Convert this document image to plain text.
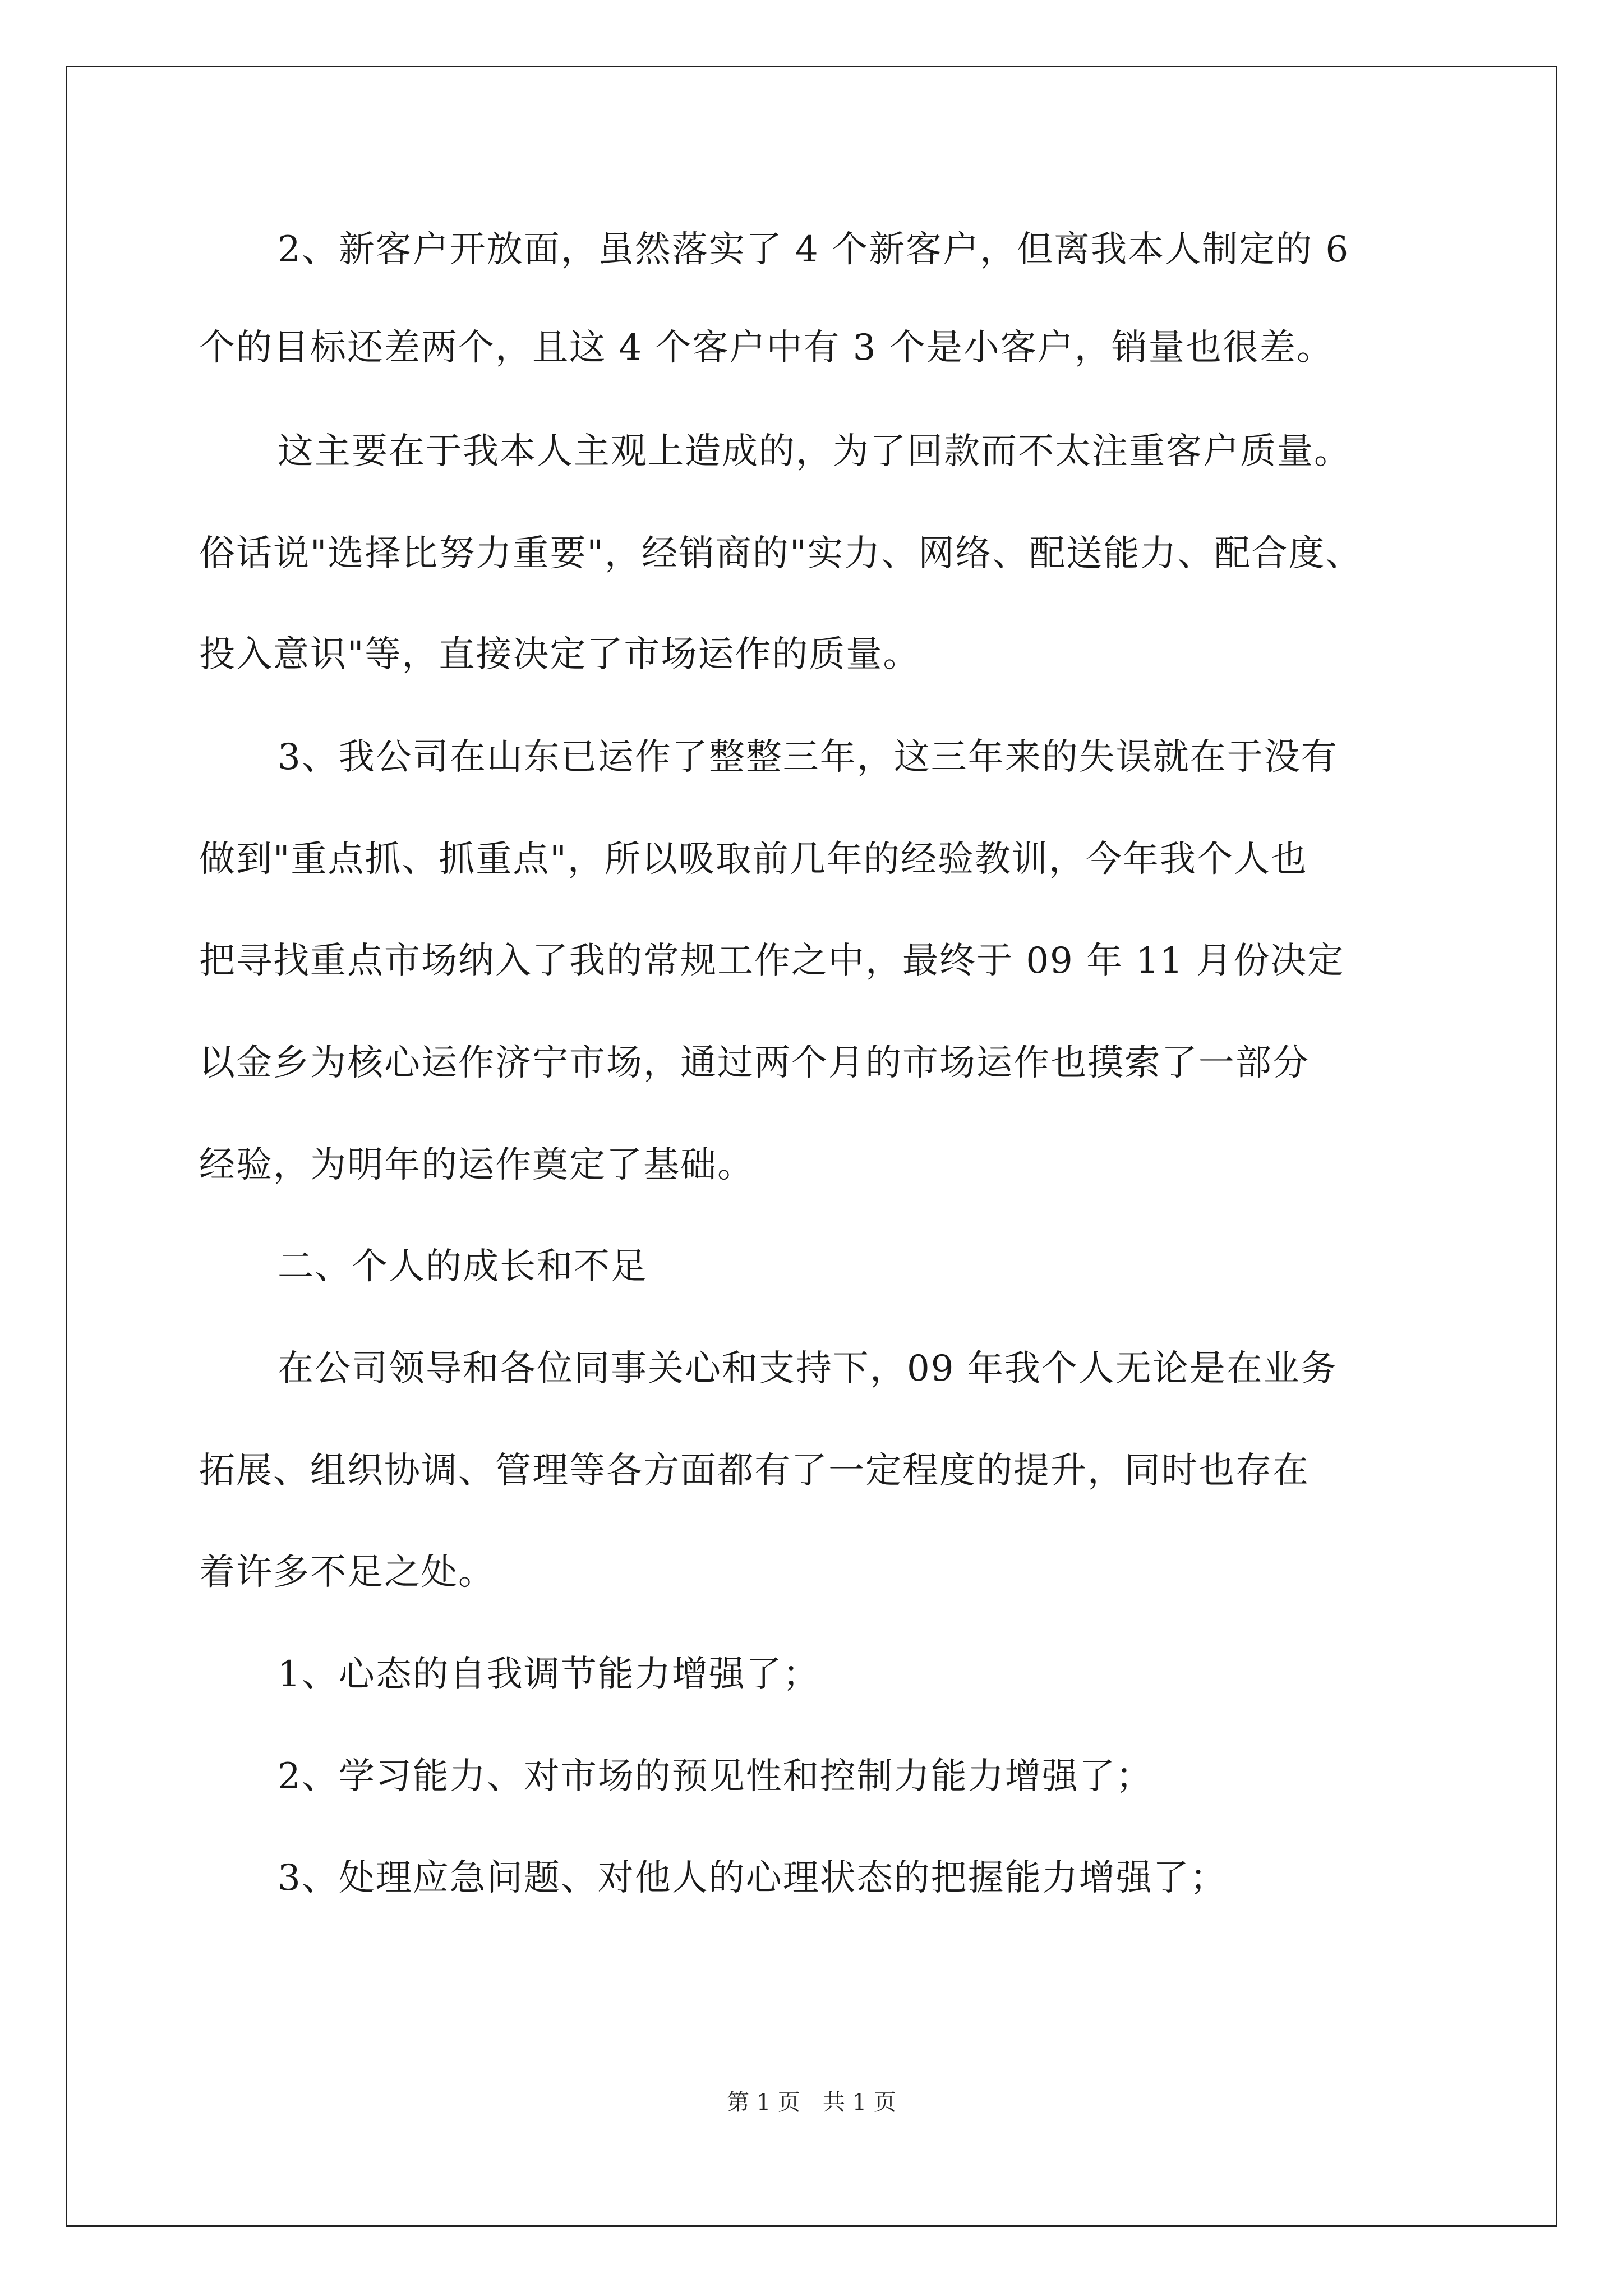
2、新客户开放面，虽然落实了 4 个新客户，但离我本人制定的 6
个的目标还差两个，且这 4 个客户中有 3 个是小客户，销量也很差。
这主要在于我本人主观上造成的，为了回款而不太注重客户质量。
俗话说"选择比努力重要"，经销商的"实力、网络、配送能力、配合度、
投入意识"等，直接决定了市场运作的质量。
3、我公司在山东已运作了整整三年，这三年来的失误就在于没有
做到"重点抓、抓重点"，所以吸取前几年的经验教训，今年我个人也
把寻找重点市场纳入了我的常规工作之中，最终于 09 年 11 月份决定
以金乡为核心运作济宁市场，通过两个月的市场运作也摸索了一部分
经验，为明年的运作奠定了基础。
二、个人的成长和不足
在公司领导和各位同事关心和支持下，09 年我个人无论是在业务
拓展、组织协调、管理等各方面都有了一定程度的提升，同时也存在
着许多不足之处。
1、心态的自我调节能力增强了；
2、学习能力、对市场的预见性和控制力能力增强了；
3、处理应急问题、对他人的心理状态的把握能力增强了；
第 1 页 共 1 页
